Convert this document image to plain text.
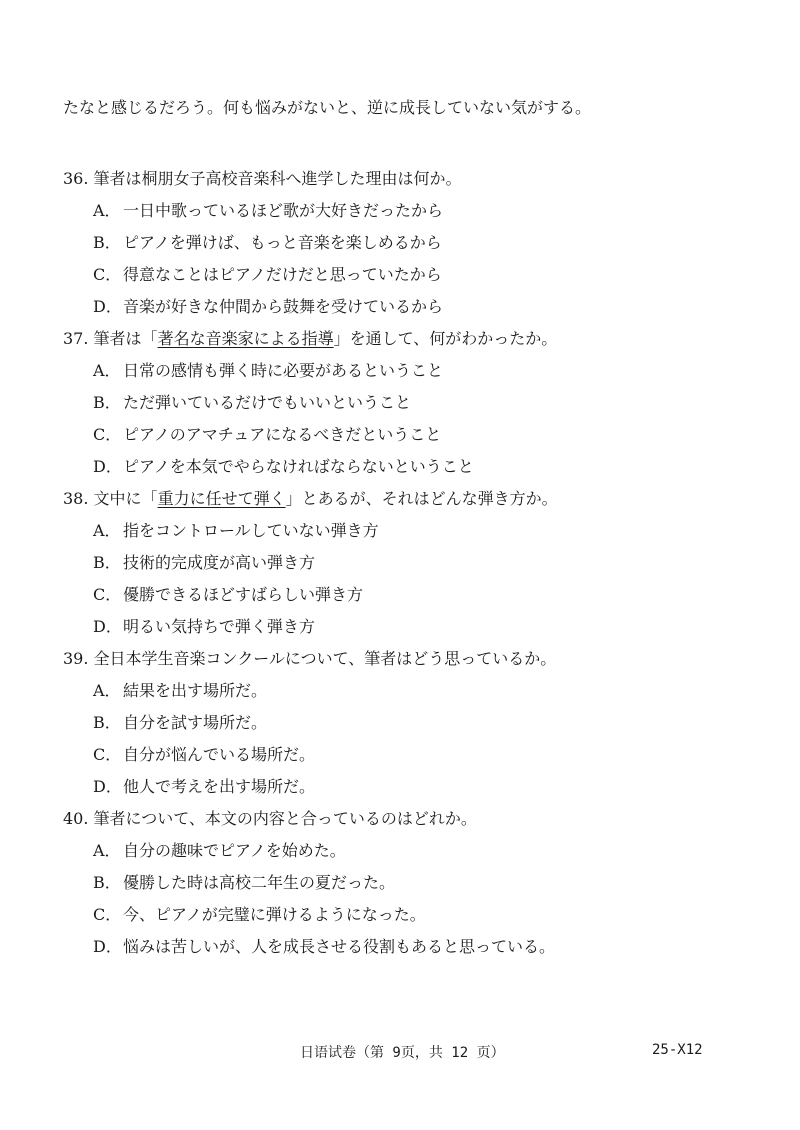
たなと感じるだろう。何も悩みがないと、逆に成長していない気がする。
36. 筆者は桐朋女子高校音楽科へ進学した理由は何か。
A． 一日中歌っているほど歌が大好きだったから
B． ピアノを弾けば、もっと音楽を楽しめるから
C． 得意なことはピアノだけだと思っていたから
D．音楽が好きな仲間から鼓舞を受けているから
37. 筆者は「著名な音楽家による指導」を通して、何がわかったか。
A． 日常の感情も弾く時に必要があるということ
B． ただ弾いているだけでもいいということ
C． ピアノのアマチュアになるべきだということ
D．ピアノを本気でやらなければならないということ
38. 文中に「重力に任せて弾く」とあるが、それはどんな弾き方か。
A． 指をコントロールしていない弾き方
B． 技術的完成度が高い弾き方
C． 優勝できるほどすばらしい弾き方
D．明るい気持ちで弾く弾き方
39. 全日本学生音楽コンクールについて、筆者はどう思っているか。
A． 結果を出す場所だ。
B． 自分を試す場所だ。
C． 自分が悩んでいる場所だ。
D．他人で考えを出す場所だ。
40. 筆者について、本文の内容と合っているのはどれか。
A． 自分の趣味でピアノを始めた。
B． 優勝した時は高校二年生の夏だった。
C． 今、ピアノが完璧に弾けるようになった。
D．悩みは苦しいが、人を成長させる役割もあると思っている。
日语试卷（第 9页，共 12 页）	25-X12
